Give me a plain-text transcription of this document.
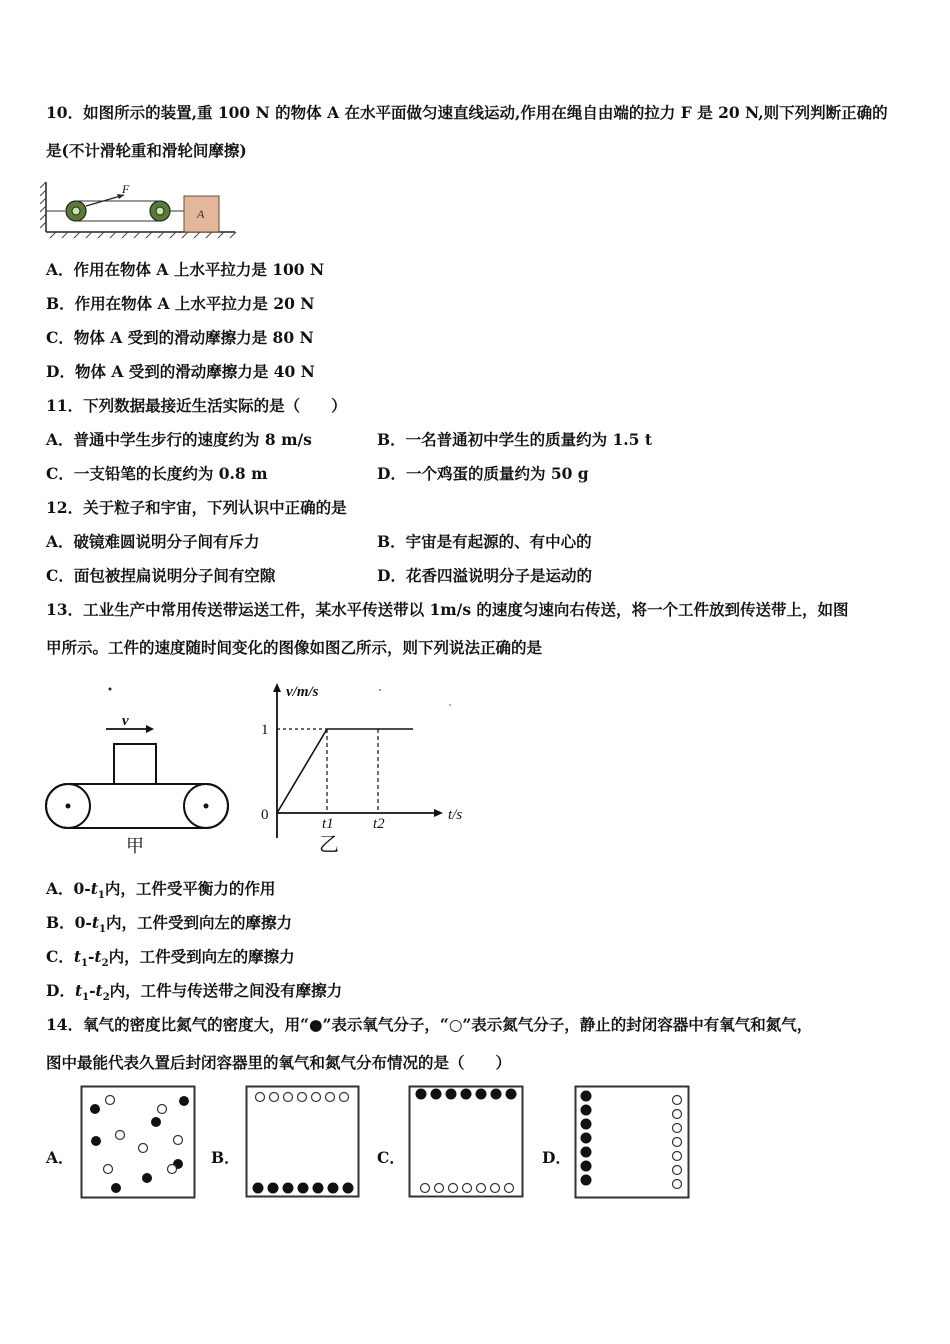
10．如图所示的装置,重 100 N 的物体 A 在水平面做匀速直线运动,作用在绳自由端的拉力 F 是 20 N,则下列判断正确的
是(不计滑轮重和滑轮间摩擦)
F
A
A．作用在物体 A 上水平拉力是 100 N
B．作用在物体 A 上水平拉力是 20 N
C．物体 A 受到的滑动摩擦力是 80 N
D．物体 A 受到的滑动摩擦力是 40 N
11．下列数据最接近生活实际的是（　　）
A．普通中学生步行的速度约为 8 m/s	B．一名普通初中学生的质量约为 1.5 t
C．一支铅笔的长度约为 0.8 m	D．一个鸡蛋的质量约为 50 g
12．关于粒子和宇宙，下列认识中正确的是
A．破镜难圆说明分子间有斥力	B．宇宙是有起源的、有中心的
C．面包被捏扁说明分子间有空隙	D．花香四溢说明分子是运动的
13．工业生产中常用传送带运送工件，某水平传送带以 1m/s 的速度匀速向右传送，将一个工件放到传送带上，如图
甲所示。工件的速度随时间变化的图像如图乙所示，则下列说法正确的是
v
甲
v/m/s
t/s
1
0
t1	t2
乙
A．$0-t_1$内，工件受平衡力的作用
B．$0-t_1$内，工件受到向左的摩擦力
C．$t_1-t_2$内，工件受到向左的摩擦力
D．$t_1-t_2$内，工件与传送带之间没有摩擦力
14．氧气的密度比氮气的密度大，用“●”表示氧气分子，“○”表示氮气分子，静止的封闭容器中有氧气和氮气，
图中最能代表久置后封闭容器里的氧气和氮气分布情况的是（　　）
A．	B．	C．	D．
